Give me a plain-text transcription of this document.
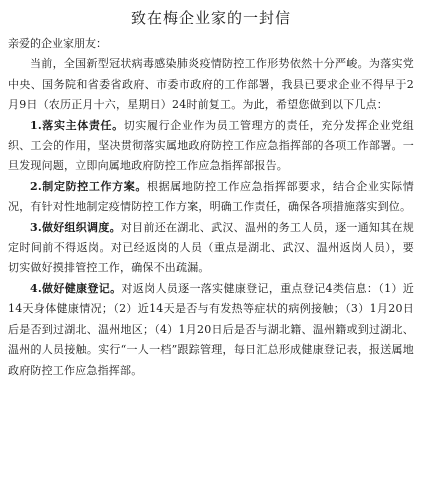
致在梅企业家的一封信

亲爱的企业家朋友：

当前，全国新型冠状病毒感染肺炎疫情防控工作形势依然十分严峻。为落实党中央、国务院和省委省政府、市委市政府的工作部署，我县已要求企业不得早于2月9日（农历正月十六，星期日）24时前复工。为此，希望您做到以下几点：

1.落实主体责任。切实履行企业作为员工管理方的责任，充分发挥企业党组织、工会的作用，坚决贯彻落实属地政府防控工作应急指挥部的各项工作部署。一旦发现问题，立即向属地政府防控工作应急指挥部报告。

2.制定防控工作方案。根据属地防控工作应急指挥部要求，结合企业实际情况，有针对性地制定疫情防控工作方案，明确工作责任，确保各项措施落实到位。

3.做好组织调度。对目前还在湖北、武汉、温州的务工人员，逐一通知其在规定时间前不得返岗。对已经返岗的人员（重点是湖北、武汉、温州返岗人员），要切实做好摸排管控工作，确保不出疏漏。

4.做好健康登记。对返岗人员逐一落实健康登记，重点登记4类信息：（1）近14天身体健康情况；（2）近14天是否与有发热等症状的病例接触；（3）1月20日后是否到过湖北、温州地区；（4）1月20日后是否与湖北籍、温州籍或到过湖北、温州的人员接触。实行“一人一档”跟踪管理，每日汇总形成健康登记表，报送属地政府防控工作应急指挥部。
